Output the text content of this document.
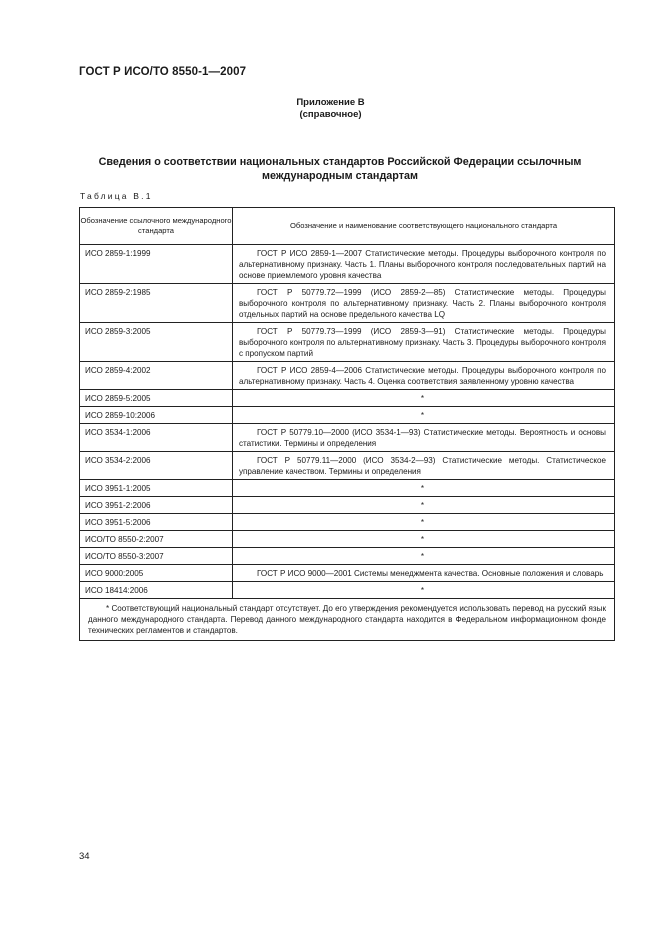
ГОСТ Р ИСО/ТО 8550-1—2007
Приложение В
(справочное)
Сведения о соответствии национальных стандартов Российской Федерации ссылочным международным стандартам
Таблица В.1
Обозначение ссылочного международного стандарта	Обозначение и наименование соответствующего национального стандарта
ИСО 2859-1:1999	ГОСТ Р ИСО 2859-1—2007 Статистические методы. Процедуры выборочного контроля по альтернативному признаку. Часть 1. Планы выборочного контроля последовательных партий на основе приемлемого уровня качества

ИСО 2859-2:1985	ГОСТ Р 50779.72—1999 (ИСО 2859-2—85) Статистические методы. Процедуры выборочного контроля по альтернативному признаку. Часть 2. Планы выборочного контроля отдельных партий на основе предельного качества LQ

ИСО 2859-3:2005	ГОСТ Р 50779.73—1999 (ИСО 2859-3—91) Статистические методы. Процедуры выборочного контроля по альтернативному признаку. Часть 3. Процедуры выборочного контроля с пропуском партий

ИСО 2859-4:2002	ГОСТ Р ИСО 2859-4—2006 Статистические методы. Процедуры выборочного контроля по альтернативному признаку. Часть 4. Оценка соответствия заявленному уровню качества

ИСО 2859-5:2005	*
ИСО 2859-10:2006	*
ИСО 3534-1:2006	ГОСТ Р 50779.10—2000 (ИСО 3534-1—93) Статистические методы. Вероятность и основы статистики. Термины и определения

ИСО 3534-2:2006	ГОСТ Р 50779.11—2000 (ИСО 3534-2—93) Статистические методы. Статистическое управление качеством. Термины и определения

ИСО 3951-1:2005	*
ИСО 3951-2:2006	*
ИСО 3951-5:2006	*
ИСО/ТО 8550-2:2007	*
ИСО/ТО 8550-3:2007	*
ИСО 9000:2005	ГОСТ Р ИСО 9000—2001 Системы менеджмента качества. Основные положения и словарь

ИСО 18414:2006	*

* Соответствующий национальный стандарт отсутствует. До его утверждения рекомендуется использовать перевод на русский язык данного международного стандарта. Перевод данного международного стандарта находится в Федеральном информационном фонде технических регламентов и стандартов.	
34
